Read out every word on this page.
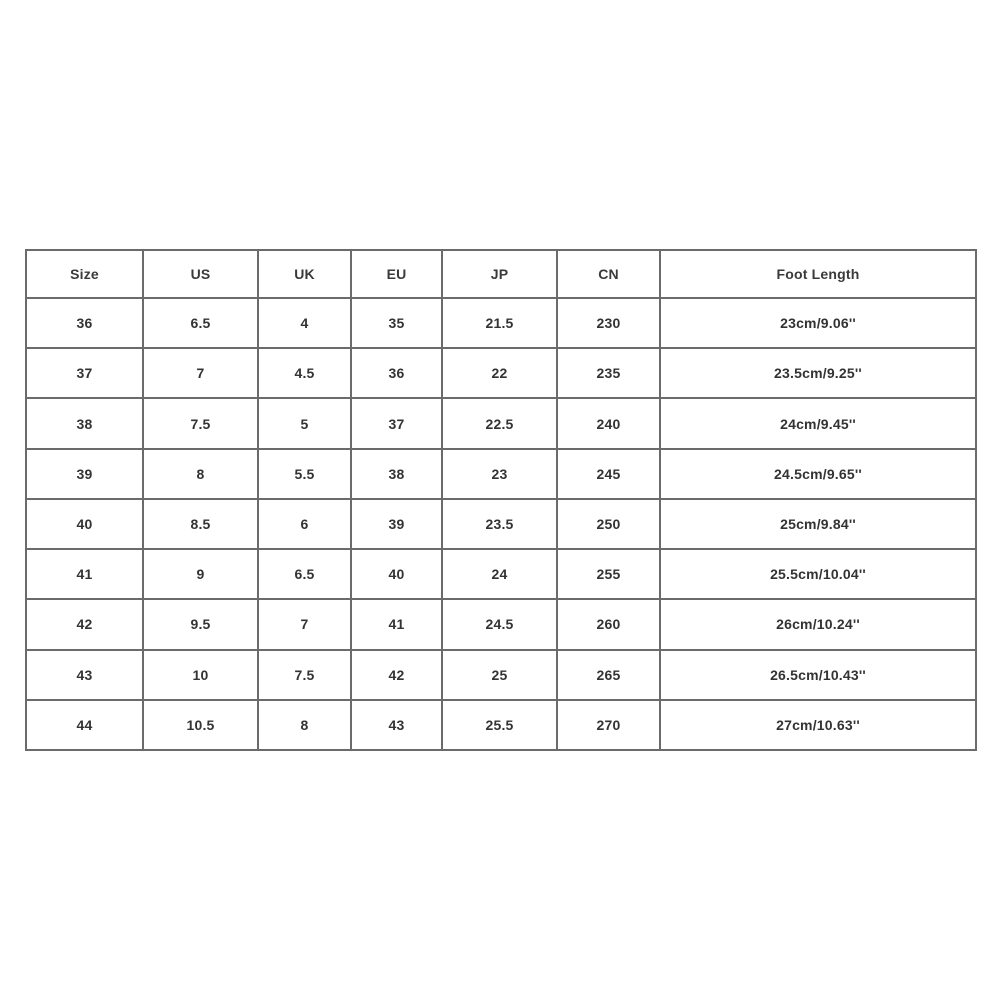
Size	US	UK	EU	JP	CN	Foot Length
36	6.5	4	35	21.5	230	23cm/9.06''
37	7	4.5	36	22	235	23.5cm/9.25''
38	7.5	5	37	22.5	240	24cm/9.45''
39	8	5.5	38	23	245	24.5cm/9.65''
40	8.5	6	39	23.5	250	25cm/9.84''
41	9	6.5	40	24	255	25.5cm/10.04''
42	9.5	7	41	24.5	260	26cm/10.24''
43	10	7.5	42	25	265	26.5cm/10.43''
44	10.5	8	43	25.5	270	27cm/10.63''
